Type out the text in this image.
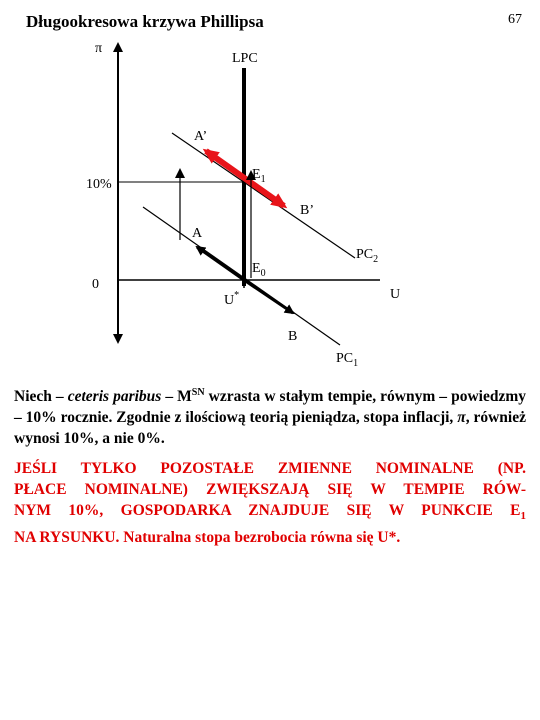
Długookresowa krzywa Phillipsa	67
π
LPC
A’
10%
0
$E_1$
B’
A
$PC_2$
$E_0$
U
U*
B
$PC_1$
Niech – ceteris paribus – $M^{SN}$ wzrasta w stałym tempie, równym – powiedzmy – 10% rocznie. Zgodnie z ilościową teorią pieniądza, stopa inflacji, π, również wynosi 10%, a nie 0%.
JEŚLI TYLKO POZOSTAŁE ZMIENNE NOMINALNE (NP.
PŁACE NOMINALNE) ZWIĘKSZAJĄ SIĘ W TEMPIE RÓW-
NYM 10%, GOSPODARKA ZNAJDUJE SIĘ W PUNKCIE $E_1$
NA RYSUNKU. Naturalna stopa bezrobocia równa się U*.
